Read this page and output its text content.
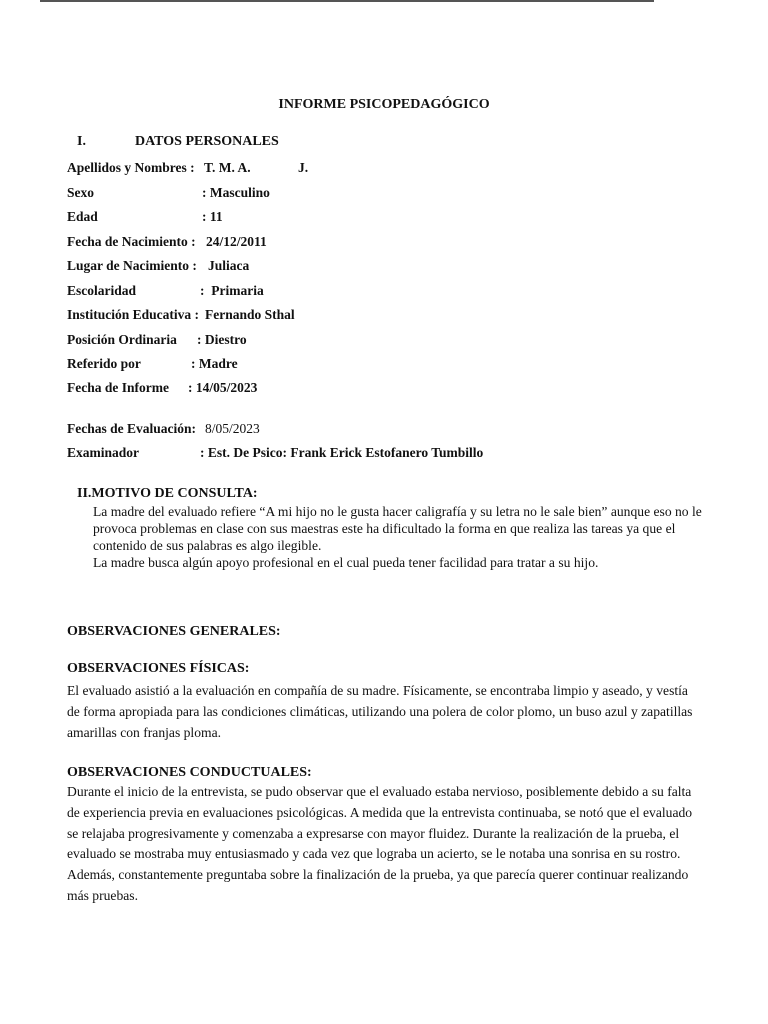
INFORME PSICOPEDAGÓGICO
I.	DATOS PERSONALES
Apellidos y Nombres : T. M. A.	J.
Sexo	: Masculino
Edad	: 11
Fecha de Nacimiento : 24/12/2011
Lugar de Nacimiento : Juliaca
Escolaridad	:  Primaria
Institución Educativa : Fernando Sthal
Posición Ordinaria : Diestro
Referido por	: Madre
Fecha de Informe : 14/05/2023
Fechas de Evaluación: 8/05/2023
Examinador	: Est. De Psico: Frank Erick Estofanero Tumbillo
II.MOTIVO DE CONSULTA:

La madre del evaluado refiere “A mi hijo no le gusta hacer caligrafía y su letra no le sale bien” aunque eso no le provoca problemas en clase con sus maestras este ha dificultado la forma en que realiza las tareas ya que el contenido de sus palabras es algo ilegible.

La madre busca algún apoyo profesional en el cual pueda tener facilidad para tratar a su hijo.

OBSERVACIONES GENERALES:
OBSERVACIONES FÍSICAS:

El evaluado asistió a la evaluación en compañía de su madre. Físicamente, se encontraba limpio y aseado, y vestía de forma apropiada para las condiciones climáticas, utilizando una polera de color plomo, un buso azul y zapatillas amarillas con franjas ploma.

OBSERVACIONES CONDUCTUALES:

Durante el inicio de la entrevista, se pudo observar que el evaluado estaba nervioso, posiblemente debido a su falta de experiencia previa en evaluaciones psicológicas. A medida que la entrevista continuaba, se notó que el evaluado se relajaba progresivamente y comenzaba a expresarse con mayor fluidez. Durante la realización de la prueba, el evaluado se mostraba muy entusiasmado y cada vez que lograba un acierto, se le notaba una sonrisa en su rostro. Además, constantemente preguntaba sobre la finalización de la prueba, ya que parecía querer continuar realizando más pruebas.
